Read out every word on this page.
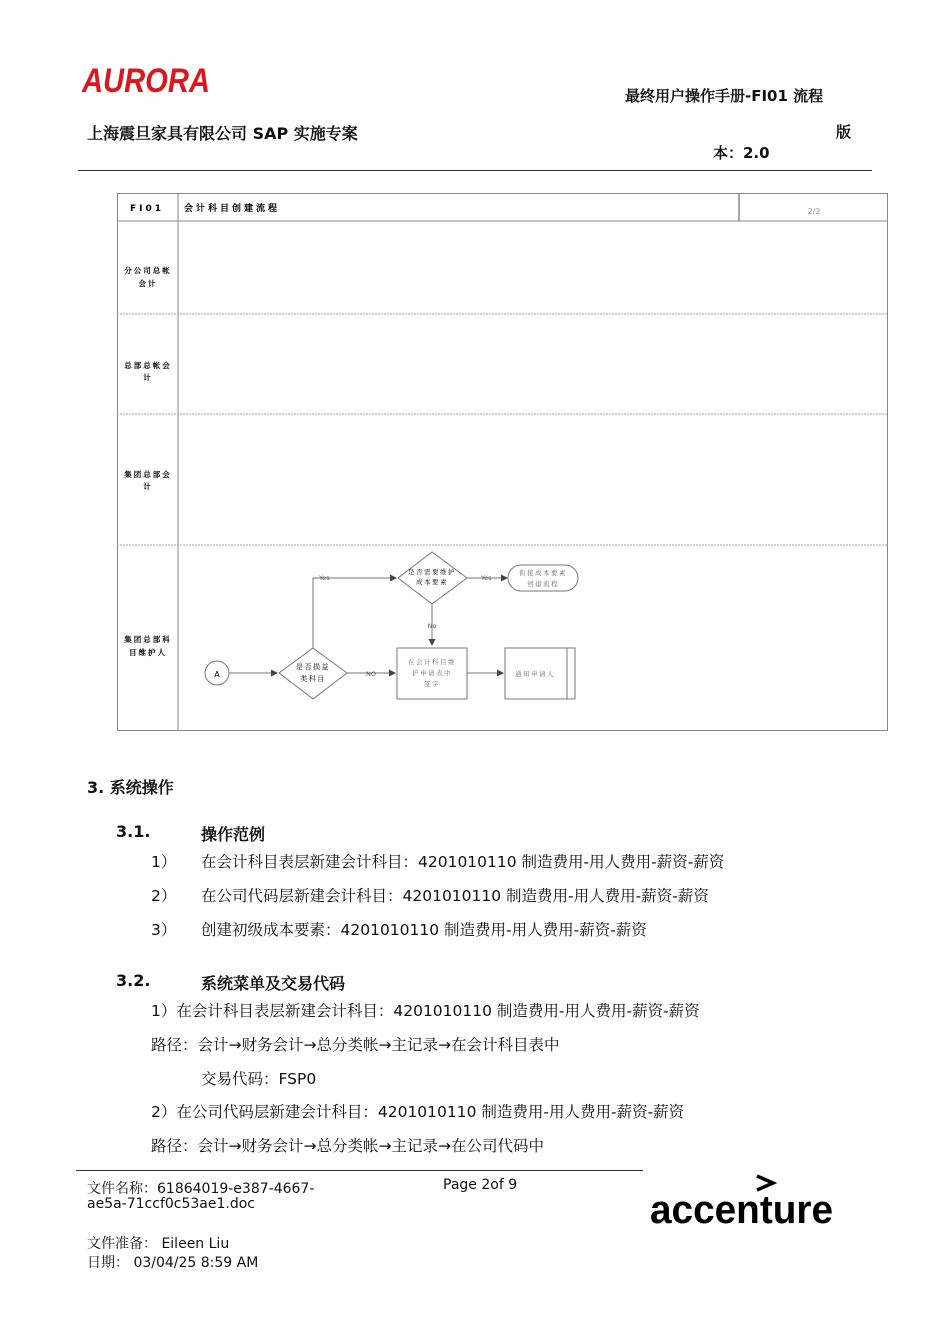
AURORA	最终用户操作手册-FI01 流程
上海震旦家具有限公司 SAP 实施专案	版
本：2.0
FI01 会计科目创建流程	2/2
分公司总帐会计
总部总帐会计
集团总部会计
集团总部科目维护人
A
是否损益类科目
NO
Yes
是否需要维护成本要素	Yes
衔接成本要素创建流程
No
在会计科目维护申请表中签字
通知申请人
3. 系统操作
3.1.	操作范例
1） 在会计科目表层新建会计科目：4201010110 制造费用-用人费用-薪资-薪资
2） 在公司代码层新建会计科目：4201010110 制造费用-用人费用-薪资-薪资
3） 创建初级成本要素：4201010110 制造费用-用人费用-薪资-薪资
3.2.	系统菜单及交易代码
1）在会计科目表层新建会计科目：4201010110 制造费用-用人费用-薪资-薪资
路径：会计→财务会计→总分类帐→主记录→在会计科目表中
交易代码：FSP0
2）在公司代码层新建会计科目：4201010110 制造费用-用人费用-薪资-薪资
路径：会计→财务会计→总分类帐→主记录→在公司代码中
文件名称：61864019-e387-4667-
ae5a-71ccf0c53ae1.doc
Page 2of 9
文件准备： Eileen Liu
日期： 03/04/25 8:59 AM
accenture
